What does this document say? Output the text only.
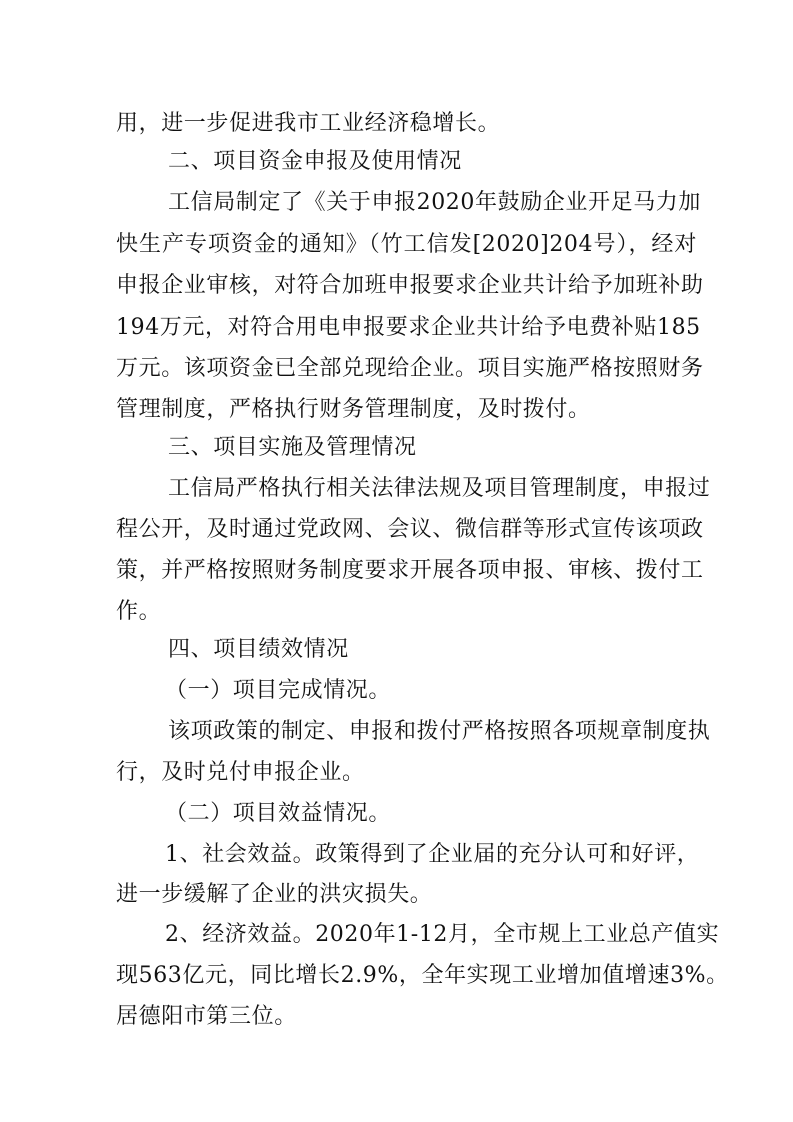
用，进一步促进我市工业经济稳增长。
二、项目资金申报及使用情况
工信局制定了《关于申报2020年鼓励企业开足马力加
快生产专项资金的通知》（竹工信发[2020]204号），经对
申报企业审核，对符合加班申报要求企业共计给予加班补助
194万元，对符合用电申报要求企业共计给予电费补贴185
万元。该项资金已全部兑现给企业。项目实施严格按照财务
管理制度，严格执行财务管理制度，及时拨付。
三、项目实施及管理情况
工信局严格执行相关法律法规及项目管理制度，申报过
程公开，及时通过党政网、会议、微信群等形式宣传该项政
策，并严格按照财务制度要求开展各项申报、审核、拨付工
作。
四、项目绩效情况
（一）项目完成情况。
该项政策的制定、申报和拨付严格按照各项规章制度执
行，及时兑付申报企业。
（二）项目效益情况。
1、社会效益。政策得到了企业届的充分认可和好评，
进一步缓解了企业的洪灾损失。
2、经济效益。2020年1-12月，全市规上工业总产值实
现563亿元，同比增长2.9%，全年实现工业增加值增速3%。
居德阳市第三位。
